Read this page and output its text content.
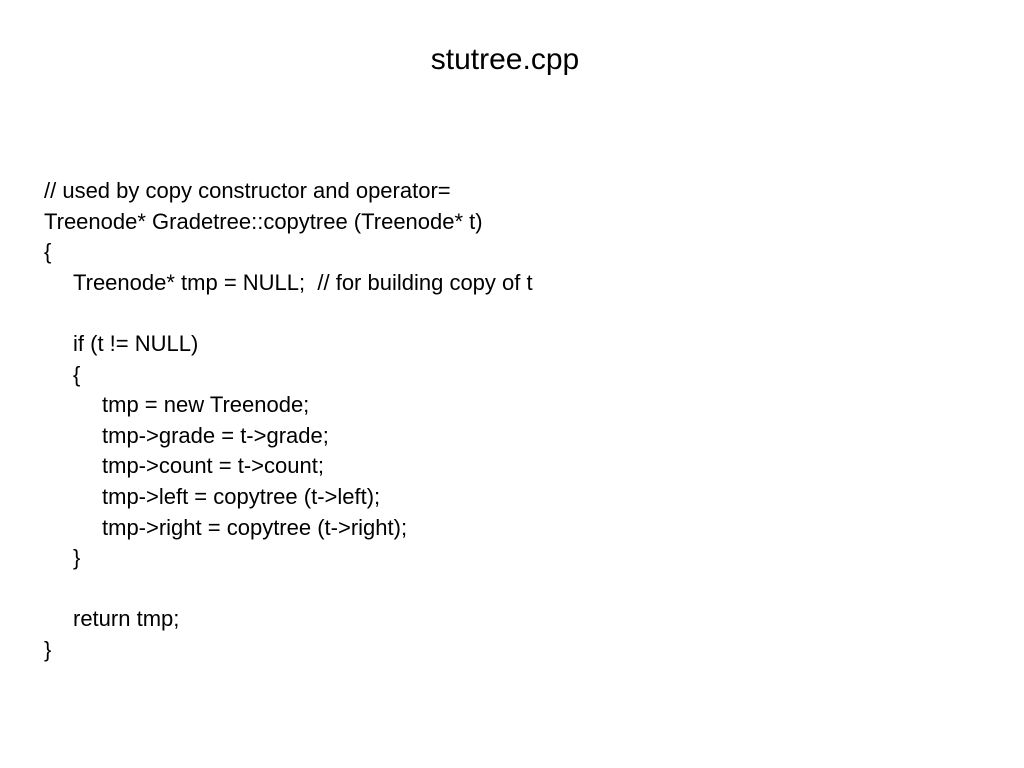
stutree.cpp
// used by copy constructor and operator=
Treenode* Gradetree::copytree (Treenode* t)
{
Treenode* tmp = NULL;  // for building copy of t
if (t != NULL)
{
tmp = new Treenode;
tmp->grade = t->grade;
tmp->count = t->count;
tmp->left = copytree (t->left);
tmp->right = copytree (t->right);
}
return tmp;
}
